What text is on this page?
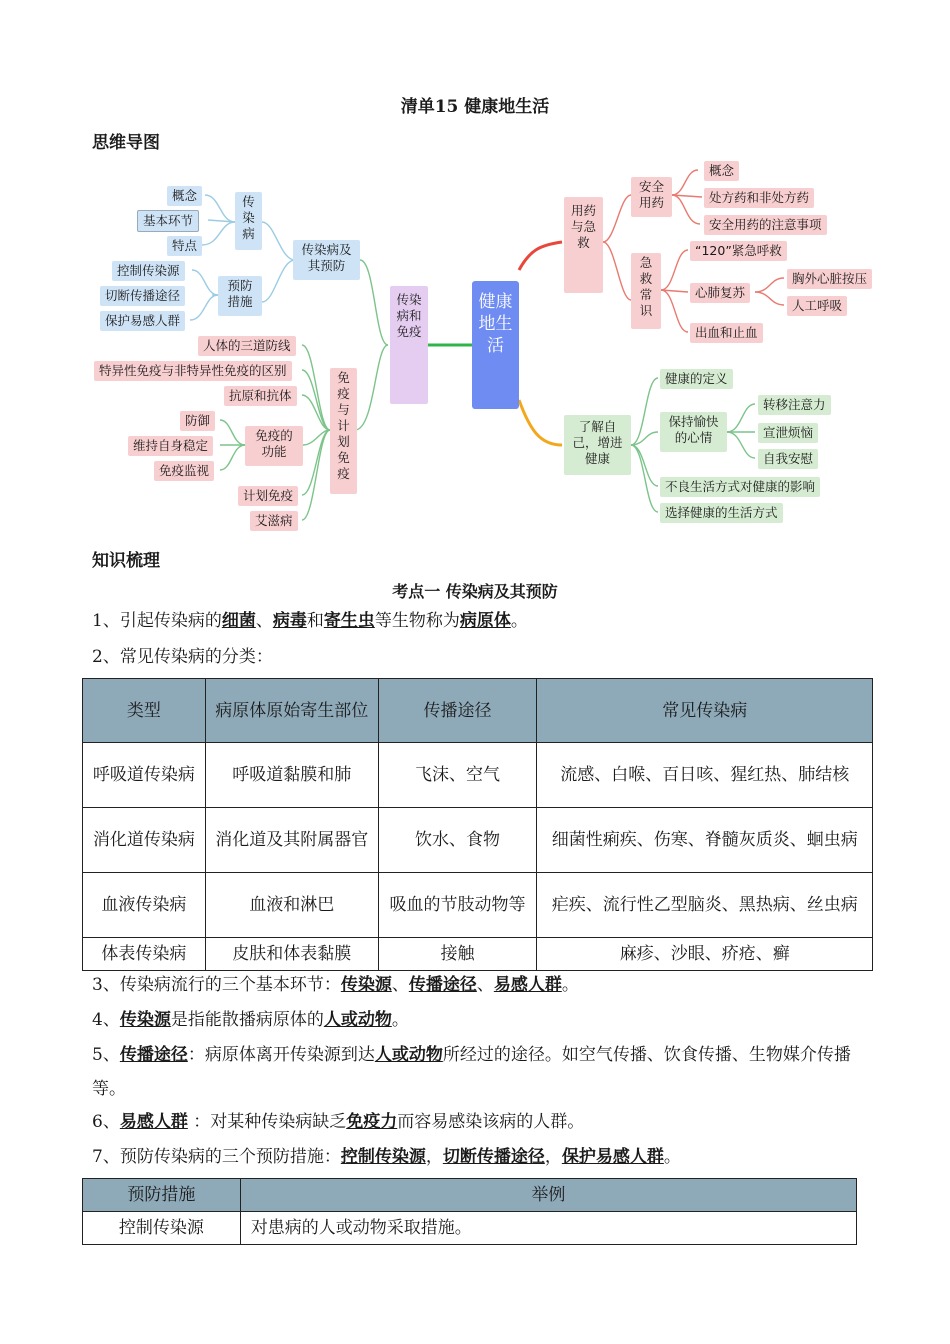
清单15 健康地生活
思维导图
健康地生活
传染病和免疫
传染病及其预防
传染病
概念
基本环节
特点
预防措施
控制传染源
切断传播途径
保护易感人群
免疫与计划免疫
人体的三道防线
特异性免疫与非特异性免疫的区别
抗原和抗体
免疫的功能
防御
维持自身稳定
免疫监视
计划免疫
艾滋病
用药与急救
安全用药
概念
处方药和非处方药
安全用药的注意事项
急救常识
“120”紧急呼救
心肺复苏
出血和止血
胸外心脏按压
人工呼吸
了解自己，增进健康
健康的定义
保持愉快的心情
不良生活方式对健康的影响
选择健康的生活方式
转移注意力
宣泄烦恼
自我安慰
知识梳理
考点一 传染病及其预防
1、引起传染病的细菌、病毒和寄生虫等生物称为病原体。
2、常见传染病的分类：
类型	病原体原始寄生部位	传播途径	常见传染病
呼吸道传染病	呼吸道黏膜和肺	飞沫、空气	流感、白喉、百日咳、猩红热、肺结核
消化道传染病	消化道及其附属器官	饮水、食物	细菌性痢疾、伤寒、脊髓灰质炎、蛔虫病
血液传染病	血液和淋巴	吸血的节肢动物等	疟疾、流行性乙型脑炎、黑热病、丝虫病
体表传染病	皮肤和体表黏膜	接触	麻疹、沙眼、疥疮、癣
3、传染病流行的三个基本环节：传染源、传播途径、易感人群。
4、传染源是指能散播病原体的人或动物。
5、传播途径：病原体离开传染源到达人或动物所经过的途径。如空气传播、饮食传播、生物媒介传播等。
6、易感人群 ：对某种传染病缺乏免疫力而容易感染该病的人群。
7、预防传染病的三个预防措施：控制传染源，切断传播途径，保护易感人群。
预防措施	举例
控制传染源	对患病的人或动物采取措施。
